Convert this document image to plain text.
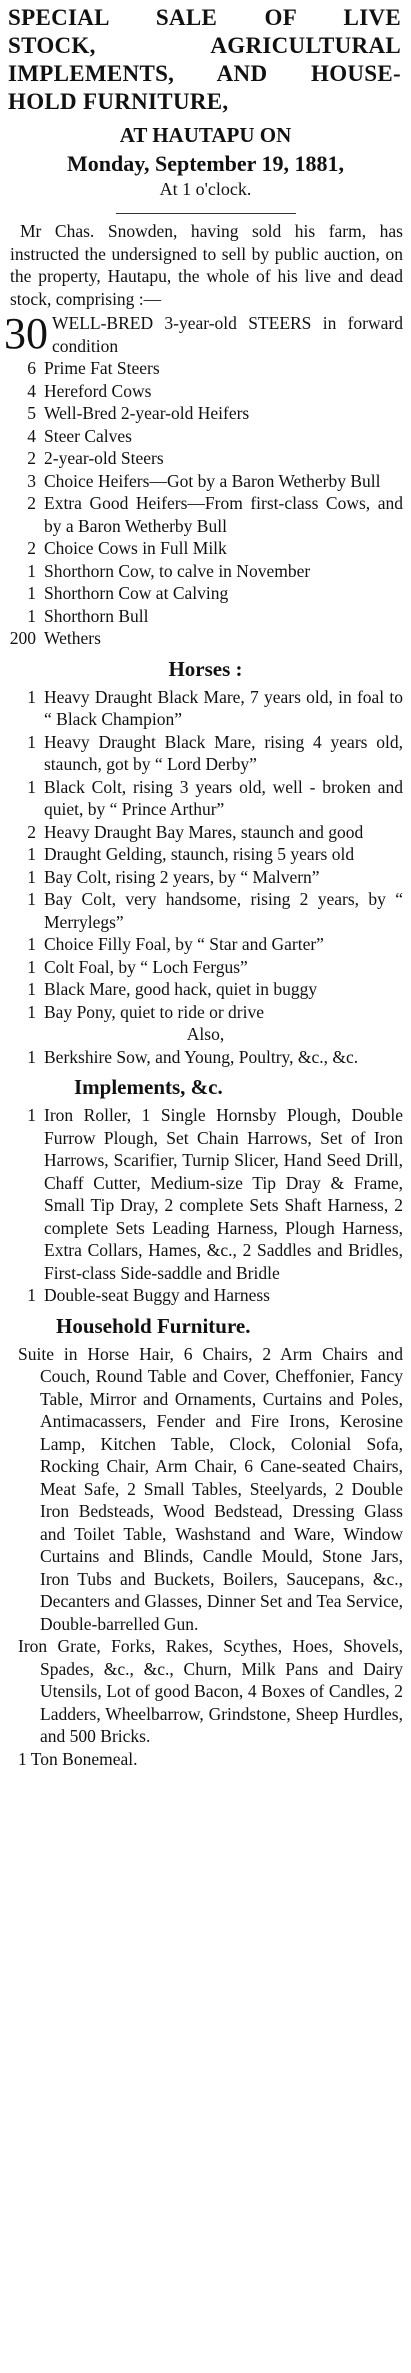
SPECIAL SALE OF LIVE
STOCK, AGRICULTURAL
IMPLEMENTS, AND HOUSE-
HOLD FURNITURE,
AT HAUTAPU ON
Monday, September 19, 1881,
At 1 o'clock.
Mr Chas. Snowden, having sold his farm, has instructed the undersigned to sell by public auction, on the property, Hautapu, the whole of his live and dead stock, comprising :—
30 WELL-BRED 3-year-old STEERS in forward condition
6 Prime Fat Steers
4 Hereford Cows
5 Well-Bred 2-year-old Heifers
4 Steer Calves
2 2-year-old Steers
3 Choice Heifers—Got by a Baron Wetherby Bull
2 Extra Good Heifers—From first-class Cows, and by a Baron Wetherby Bull
2 Choice Cows in Full Milk
1 Shorthorn Cow, to calve in November
1 Shorthorn Cow at Calving
1 Shorthorn Bull
200 Wethers
Horses :
1 Heavy Draught Black Mare, 7 years old, in foal to “ Black Champion”
1 Heavy Draught Black Mare, rising 4 years old, staunch, got by “ Lord Derby”
1 Black Colt, rising 3 years old, well - broken and quiet, by “ Prince Arthur”
2 Heavy Draught Bay Mares, staunch and good
1 Draught Gelding, staunch, rising 5 years old
1 Bay Colt, rising 2 years, by “ Malvern”
1 Bay Colt, very handsome, rising 2 years, by “ Merrylegs”
1 Choice Filly Foal, by “ Star and Garter”
1 Colt Foal, by “ Loch Fergus”
1 Black Mare, good hack, quiet in buggy
1 Bay Pony, quiet to ride or drive
Also,
1 Berkshire Sow, and Young, Poultry, &c., &c.
Implements, &c.
1 Iron Roller, 1 Single Hornsby Plough, Double Furrow Plough, Set Chain Harrows, Set of Iron Harrows, Scarifier, Turnip Slicer, Hand Seed Drill, Chaff Cutter, Medium-size Tip Dray & Frame, Small Tip Dray, 2 complete Sets Shaft Harness, 2 complete Sets Leading Harness, Plough Harness, Extra Collars, Hames, &c., 2 Saddles and Bridles, First-class Side-saddle and Bridle
1 Double-seat Buggy and Harness
Household Furniture.
Suite in Horse Hair, 6 Chairs, 2 Arm Chairs and Couch, Round Table and Cover, Cheffonier, Fancy Table, Mirror and Ornaments, Curtains and Poles, Antimacassers, Fender and Fire Irons, Kerosine Lamp, Kitchen Table, Clock, Colonial Sofa, Rocking Chair, Arm Chair, 6 Cane-seated Chairs, Meat Safe, 2 Small Tables, Steelyards, 2 Double Iron Bedsteads, Wood Bedstead, Dressing Glass and Toilet Table, Washstand and Ware, Window Curtains and Blinds, Candle Mould, Stone Jars, Iron Tubs and Buckets, Boilers, Saucepans, &c., Decanters and Glasses, Dinner Set and Tea Service, Double-barrelled Gun.
Iron Grate, Forks, Rakes, Scythes, Hoes, Shovels, Spades, &c., &c., Churn, Milk Pans and Dairy Utensils, Lot of good Bacon, 4 Boxes of Candles, 2 Ladders, Wheelbarrow, Grindstone, Sheep Hurdles, and 500 Bricks.
1 Ton Bonemeal.
